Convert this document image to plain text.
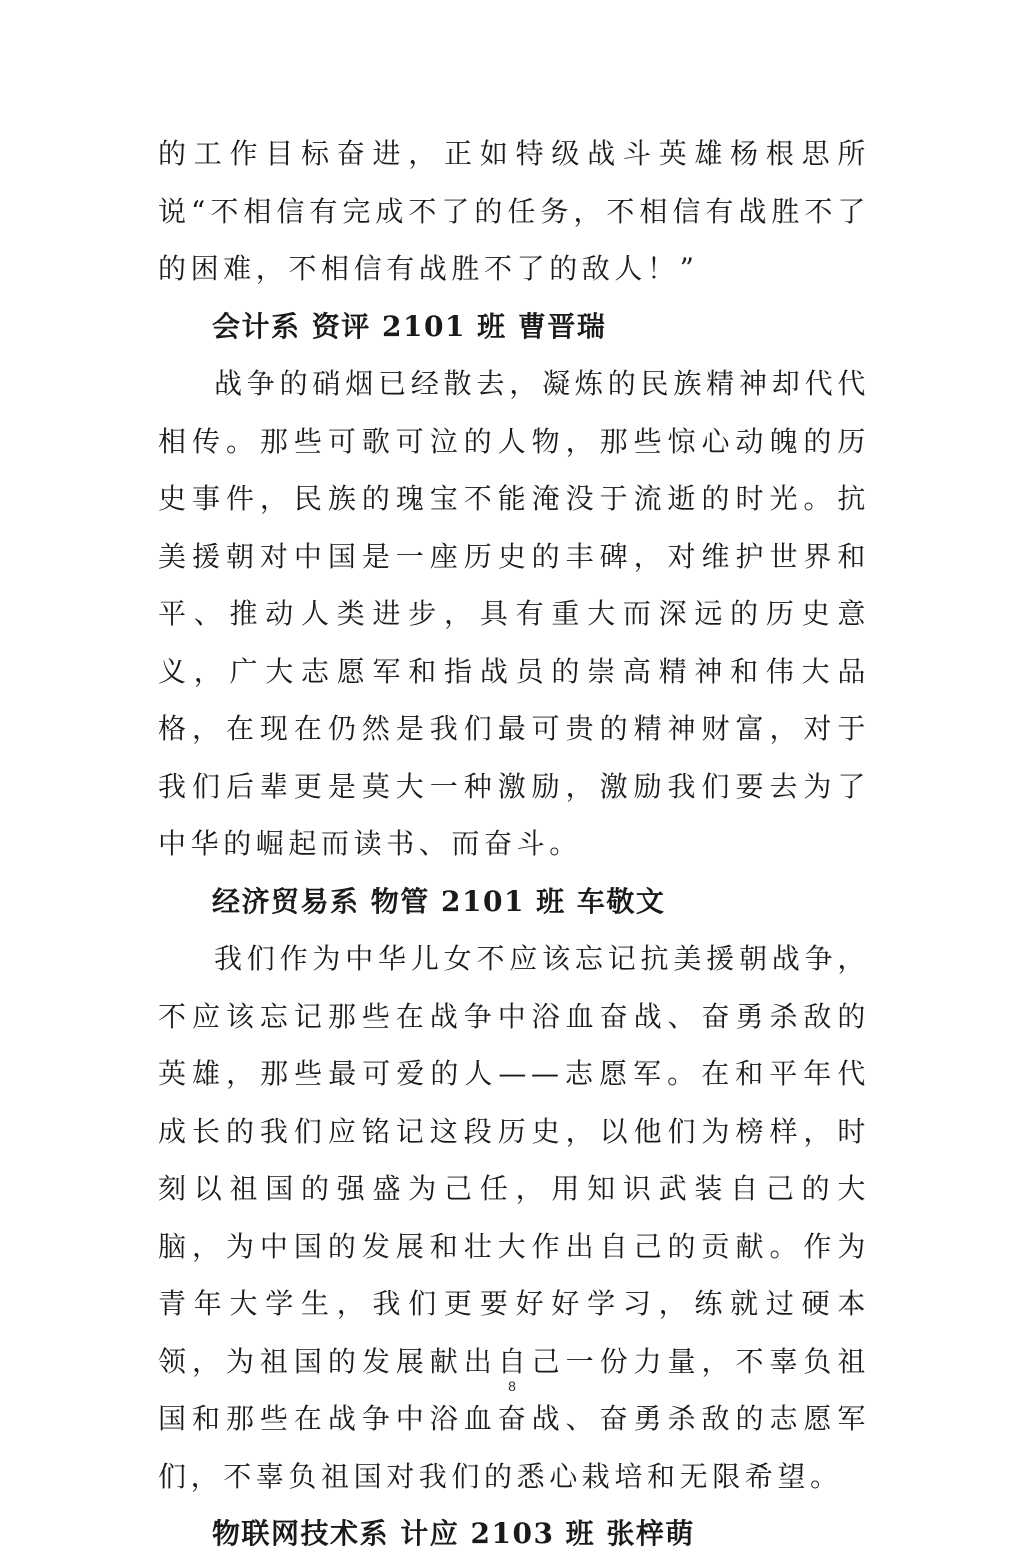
的工作目标奋进，正如特级战斗英雄杨根思所说“不相信有完成不了的任务，不相信有战胜不了的困难，不相信有战胜不了的敌人！”

会计系 资评 2101 班 曹晋瑞

战争的硝烟已经散去，凝炼的民族精神却代代相传。那些可歌可泣的人物，那些惊心动魄的历史事件，民族的瑰宝不能淹没于流逝的时光。抗美援朝对中国是一座历史的丰碑，对维护世界和平、推动人类进步，具有重大而深远的历史意义，广大志愿军和指战员的崇高精神和伟大品格，在现在仍然是我们最可贵的精神财富，对于我们后辈更是莫大一种激励，激励我们要去为了中华的崛起而读书、而奋斗。

经济贸易系 物管 2101 班 车敬文

我们作为中华儿女不应该忘记抗美援朝战争，不应该忘记那些在战争中浴血奋战、奋勇杀敌的英雄，那些最可爱的人——志愿军。在和平年代成长的我们应铭记这段历史，以他们为榜样，时刻以祖国的强盛为己任，用知识武装自己的大脑，为中国的发展和壮大作出自己的贡献。作为青年大学生，我们更要好好学习，练就过硬本领，为祖国的发展献出自己一份力量，不辜负祖国和那些在战争中浴血奋战、奋勇杀敌的志愿军们，不辜负祖国对我们的悉心栽培和无限希望。

物联网技术系 计应 2103 班 张梓萌

8
